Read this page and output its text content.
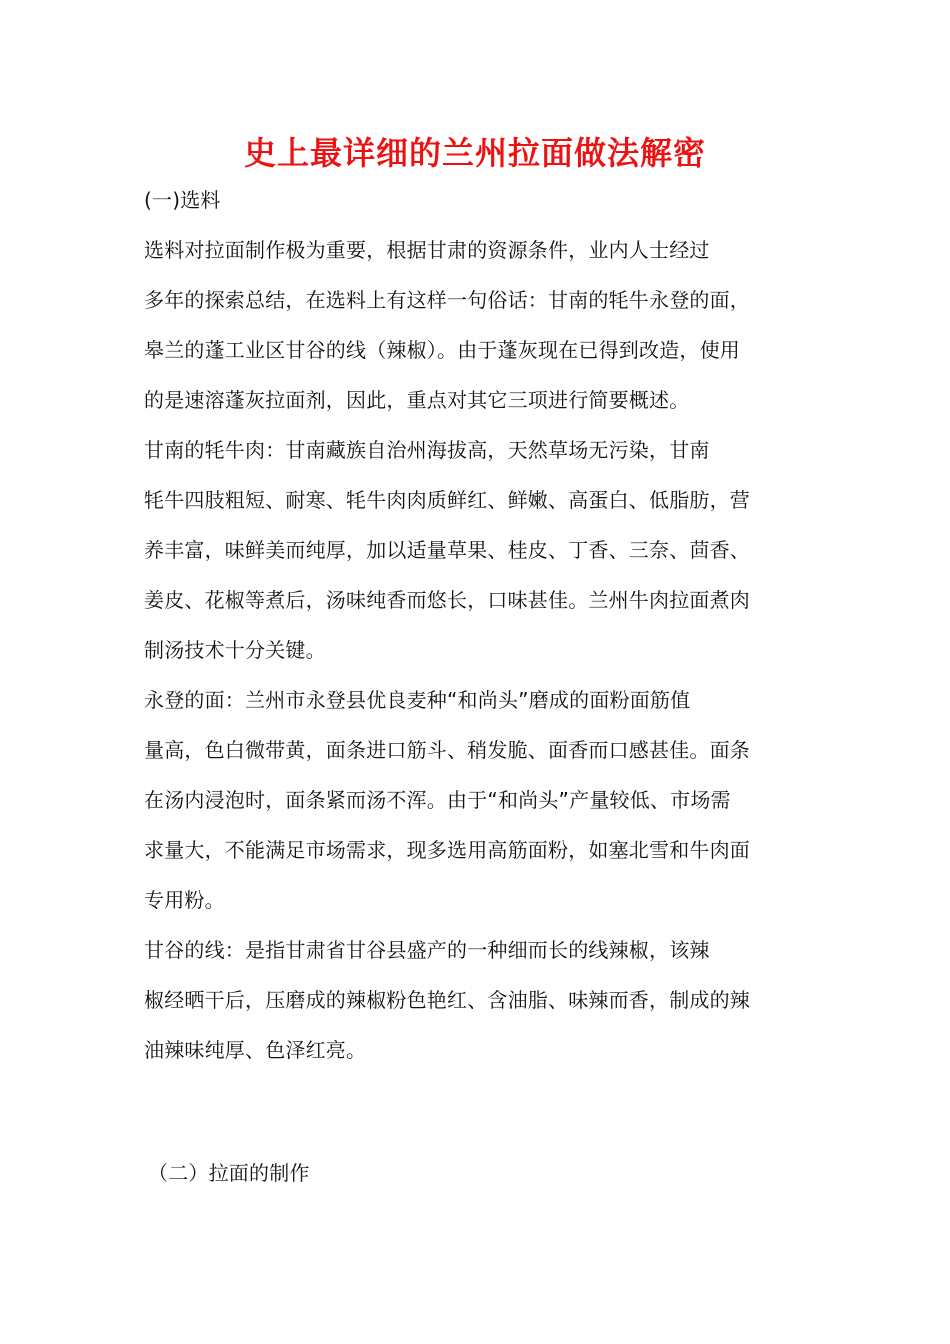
史上最详细的兰州拉面做法解密
(一)选料
选料对拉面制作极为重要，根据甘肃的资源条件，业内人士经过
多年的探索总结，在选料上有这样一句俗话：甘南的牦牛永登的面，
皋兰的蓬工业区甘谷的线（辣椒）。由于蓬灰现在已得到改造，使用
的是速溶蓬灰拉面剂，因此，重点对其它三项进行简要概述。
甘南的牦牛肉：甘南藏族自治州海拔高，天然草场无污染，甘南
牦牛四肢粗短、耐寒、牦牛肉肉质鲜红、鲜嫩、高蛋白、低脂肪，营
养丰富，味鲜美而纯厚，加以适量草果、桂皮、丁香、三奈、茴香、
姜皮、花椒等煮后，汤味纯香而悠长，口味甚佳。兰州牛肉拉面煮肉
制汤技术十分关键。
永登的面：兰州市永登县优良麦种“和尚头”磨成的面粉面筋值
量高，色白微带黄，面条进口筋斗、稍发脆、面香而口感甚佳。面条
在汤内浸泡时，面条紧而汤不浑。由于“和尚头”产量较低、市场需
求量大，不能满足市场需求，现多选用高筋面粉，如塞北雪和牛肉面
专用粉。
甘谷的线：是指甘肃省甘谷县盛产的一种细而长的线辣椒，该辣
椒经晒干后，压磨成的辣椒粉色艳红、含油脂、味辣而香，制成的辣
油辣味纯厚、色泽红亮。
（二）拉面的制作
